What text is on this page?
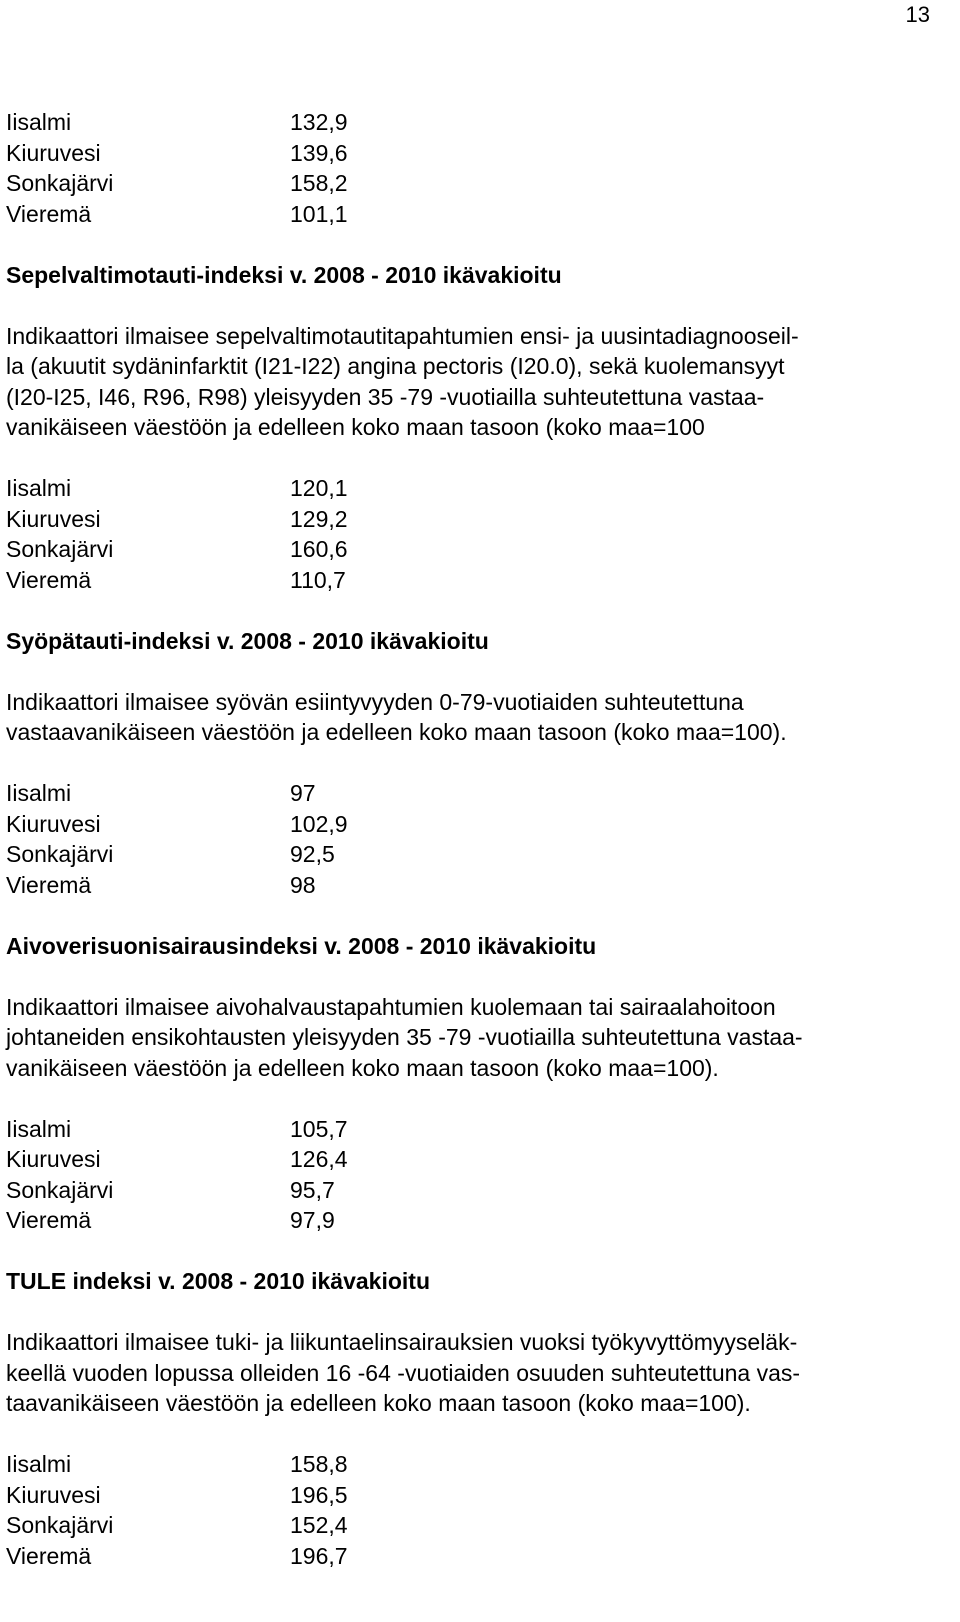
13
Iisalmi	132,9
Kiuruvesi	139,6
Sonkajärvi	158,2
Vieremä	101,1
Sepelvaltimotauti-indeksi v. 2008 - 2010 ikävakioitu
Indikaattori ilmaisee sepelvaltimotautitapahtumien ensi- ja uusintadiagnooseil-
la (akuutit sydäninfarktit (I21-I22) angina pectoris (I20.0), sekä kuolemansyyt
(I20-I25, I46, R96, R98) yleisyyden 35 -79 -vuotiailla suhteutettuna vastaa-
vanikäiseen väestöön ja edelleen koko maan tasoon (koko maa=100
Iisalmi	120,1
Kiuruvesi	129,2
Sonkajärvi	160,6
Vieremä	110,7
Syöpätauti-indeksi v. 2008 - 2010 ikävakioitu
Indikaattori ilmaisee syövän esiintyvyyden 0-79-vuotiaiden suhteutettuna
vastaavanikäiseen väestöön ja edelleen koko maan tasoon (koko maa=100).
Iisalmi	97
Kiuruvesi	102,9
Sonkajärvi	92,5
Vieremä	98
Aivoverisuonisairausindeksi v. 2008 - 2010 ikävakioitu
Indikaattori ilmaisee aivohalvaustapahtumien kuolemaan tai sairaalahoitoon
johtaneiden ensikohtausten yleisyyden 35 -79 -vuotiailla suhteutettuna vastaa-
vanikäiseen väestöön ja edelleen koko maan tasoon (koko maa=100).
Iisalmi	105,7
Kiuruvesi	126,4
Sonkajärvi	95,7
Vieremä	97,9
TULE indeksi v. 2008 - 2010 ikävakioitu
Indikaattori ilmaisee tuki- ja liikuntaelinsairauksien vuoksi työkyvyttömyyseläk-
keellä vuoden lopussa olleiden 16 -64 -vuotiaiden osuuden suhteutettuna vas-
taavanikäiseen väestöön ja edelleen koko maan tasoon (koko maa=100).
Iisalmi	158,8
Kiuruvesi	196,5
Sonkajärvi	152,4
Vieremä	196,7
